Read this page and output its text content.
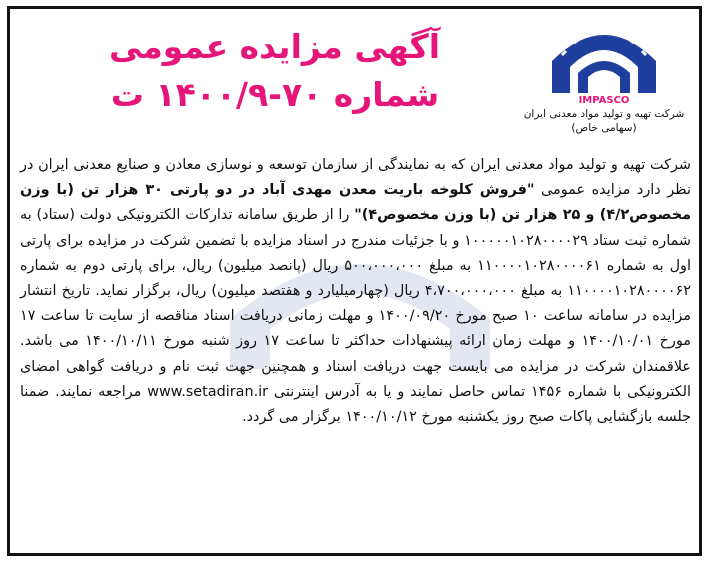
آگهی مزایده عمومی
شماره ۷۰-۱۴۰۰/۹ ت	IMPASCO
شرکت تهیه و تولید مواد معدنی ایران
(سهامی خاص)
شرکت تهیه و تولید مواد معدنی ایران که به نمایندگی از سازمان توسعه و نوسازی معادن و صنایع معدنی ایران در نظر دارد مزایده عمومی "فروش کلوخه باریت معدن مهدی آباد در دو پارتی ۳۰ هزار تن (با وزن مخصوص۴/۲) و ۲۵ هزار تن (با وزن مخصوص۴)" را از طریق سامانه تدارکات الکترونیکی دولت (ستاد) به شماره ثبت ستاد ۱۰۰۰۰۰۱۰۲۸۰۰۰۰۲۹ و با جزئیات مندرج در اسناد مزایده با تضمین شرکت در مزایده برای پارتی اول به شماره ۱۱۰۰۰۰۱۰۲۸۰۰۰۰۶۱ به مبلغ ۵۰۰،۰۰۰،۰۰۰ ریال (پانصد میلیون) ریال، برای پارتی دوم به شماره ۱۱۰۰۰۰۱۰۲۸۰۰۰۰۶۲ به مبلغ ۴،۷۰۰،۰۰۰،۰۰۰ ریال (چهارمیلیارد و هفتصد میلیون) ریال، برگزار نماید. تاریخ انتشار مزایده در سامانه ساعت ۱۰ صبح مورخ ۱۴۰۰/۰۹/۲۰ و مهلت زمانی دریافت اسناد مناقصه از سایت تا ساعت ۱۷ مورخ ۱۴۰۰/۱۰/۰۱ و مهلت زمان ارائه پیشنهادات حداکثر تا ساعت ۱۷ روز شنبه مورخ ۱۴۰۰/۱۰/۱۱ می باشد. علاقمندان شرکت در مزایده می بایست جهت دریافت اسناد و همچنین جهت ثبت نام و دریافت گواهی امضای الکترونیکی با شماره ۱۴۵۶ تماس حاصل نمایند و یا به آدرس اینترنتی www.setadiran.ir مراجعه نمایند. ضمنا جلسه بازگشایی پاکات صبح روز یکشنبه مورخ ۱۴۰۰/۱۰/۱۲ برگزار می گردد.
